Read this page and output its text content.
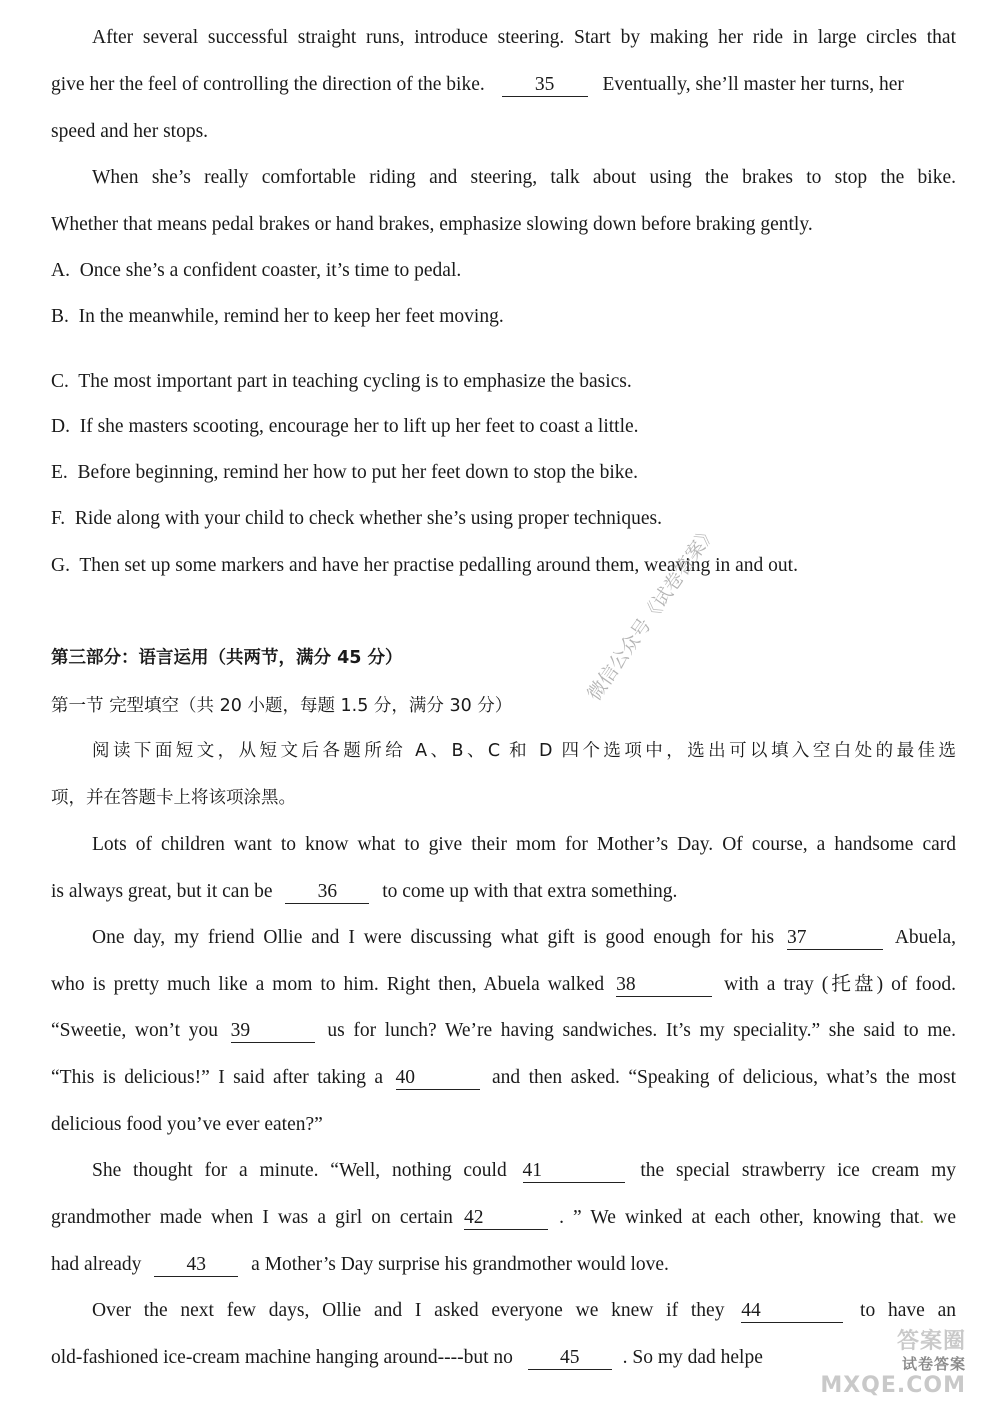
After several successful straight runs, introduce steering. Start by making her ride in large circles that
give her the feel of controlling the direction of the bike.	35 Eventually, she’ll master her turns, her
speed and her stops.
When she’s really comfortable riding and steering, talk about using the brakes to stop the bike.
Whether that means pedal brakes or hand brakes, emphasize slowing down before braking gently.
A. Once she’s a confident coaster, it’s time to pedal.
B. In the meanwhile, remind her to keep her feet moving.
C. The most important part in teaching cycling is to emphasize the basics.
D. If she masters scooting, encourage her to lift up her feet to coast a little.
E. Before beginning, remind her how to put her feet down to stop the bike.
F. Ride along with your child to check whether she’s using proper techniques.
G. Then set up some markers and have her practise pedalling around them, weaving in and out.
第三部分：语言运用（共两节，满分 45 分）
第一节 完型填空（共 20 小题，每题 1.5 分，满分 30 分）
阅读下面短文，从短文后各题所给 A、B、C 和 D 四个选项中，选出可以填入空白处的最佳选
项，并在答题卡上将该项涂黑。
微信公众号《试卷答案》
Lots of children want to know what to give their mom for Mother’s Day. Of course, a handsome card
is always great, but it can be 36 to come up with that extra something.
One day, my friend Ollie and I were discussing what gift is good enough for his 37	Abuela,
who is pretty much like a mom to him. Right then, Abuela walked 38	with a tray (托盘) of food.
“Sweetie, won’t you 39	us for lunch? We’re having sandwiches. It’s my speciality.” she said to me.
“This is delicious!” I said after taking a 40	and then asked. “Speaking of delicious, what’s the most
delicious food you’ve ever eaten?”
She thought for a minute. “Well, nothing could 41	the special strawberry ice cream my
grandmother made when I was a girl on certain 42	. ” We winked at each other, knowing that. we
had already 43 a Mother’s Day surprise his grandmother would love.
Over the next few days, Ollie and I asked everyone we knew if they 44	to have an
old-fashioned ice-cream machine hanging around----but no 45 . So my dad helpe
答案圈
试卷答案
MXQE.COM
